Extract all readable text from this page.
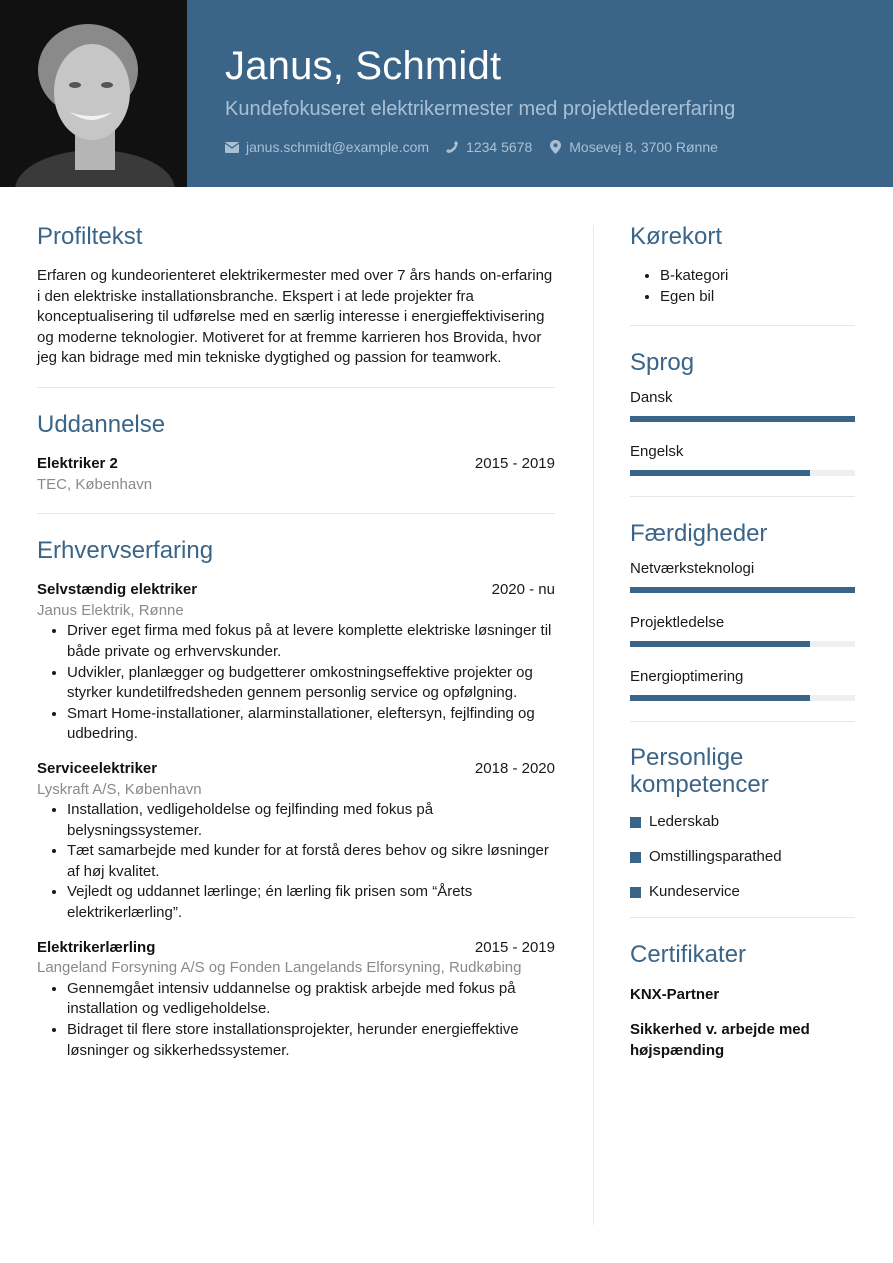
Janus, Schmidt
Kundefokuseret elektrikermester med projektledererfaring
janus.schmidt@example.com	1234 5678	Mosevej 8, 3700 Rønne
Profiltekst
Erfaren og kundeorienteret elektrikermester med over 7 års hands on-erfaring i den elektriske installationsbranche. Ekspert i at lede projekter fra konceptualisering til udførelse med en særlig interesse i energieffektivisering og moderne teknologier. Motiveret for at fremme karrieren hos Brovida, hvor jeg kan bidrage med min tekniske dygtighed og passion for teamwork.
Uddannelse
Elektriker 2	2015 - 2019
TEC, København
Erhvervserfaring
Selvstændig elektriker	2020 - nu
Janus Elektrik, Rønne
• Driver eget firma med fokus på at levere komplette elektriske løsninger til både private og erhvervskunder.
• Udvikler, planlægger og budgetterer omkostningseffektive projekter og styrker kundetilfredsheden gennem personlig service og opfølgning.
• Smart Home-installationer, alarminstallationer, eleftersyn, fejlfinding og udbedring.
Serviceelektriker	2018 - 2020
Lyskraft A/S, København
• Installation, vedligeholdelse og fejlfinding med fokus på belysningssystemer.
• Tæt samarbejde med kunder for at forstå deres behov og sikre løsninger af høj kvalitet.
• Vejledt og uddannet lærlinge; én lærling fik prisen som “Årets elektrikerlærling”.
Elektrikerlærling	2015 - 2019
Langeland Forsyning A/S og Fonden Langelands Elforsyning, Rudkøbing
• Gennemgået intensiv uddannelse og praktisk arbejde med fokus på installation og vedligeholdelse.
• Bidraget til flere store installationsprojekter, herunder energieffektive løsninger og sikkerhedssystemer.
Kørekort
• B-kategori
• Egen bil
Sprog
Dansk
Engelsk
Færdigheder
Netværksteknologi
Projektledelse
Energioptimering
Personlige kompetencer
Lederskab
Omstillingsparathed
Kundeservice
Certifikater
KNX-Partner
Sikkerhed v. arbejde med højspænding
